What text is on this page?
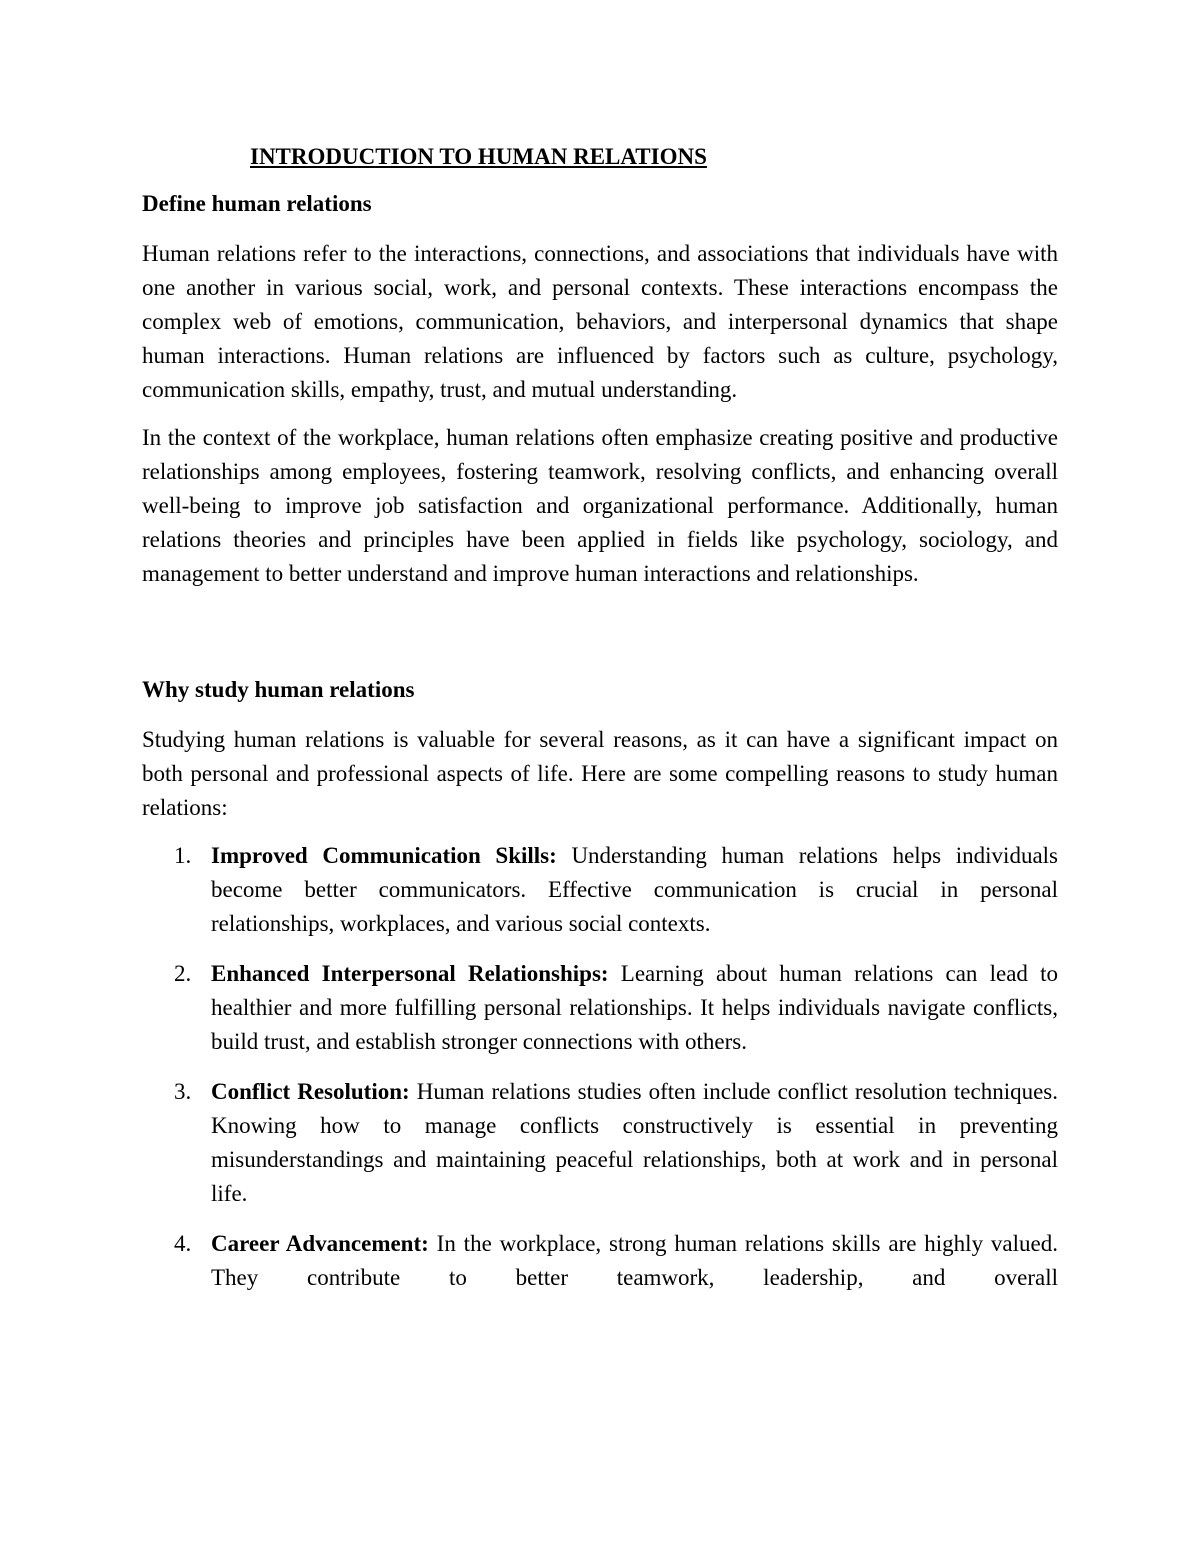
INTRODUCTION TO HUMAN RELATIONS
Define human relations

Human relations refer to the interactions, connections, and associations that individuals have with one another in various social, work, and personal contexts. These interactions encompass the complex web of emotions, communication, behaviors, and interpersonal dynamics that shape human interactions. Human relations are influenced by factors such as culture, psychology, communication skills, empathy, trust, and mutual understanding.

In the context of the workplace, human relations often emphasize creating positive and productive relationships among employees, fostering teamwork, resolving conflicts, and enhancing overall well-being to improve job satisfaction and organizational performance. Additionally, human relations theories and principles have been applied in fields like psychology, sociology, and management to better understand and improve human interactions and relationships.

Why study human relations

Studying human relations is valuable for several reasons, as it can have a significant impact on both personal and professional aspects of life. Here are some compelling reasons to study human relations:

1. Improved Communication Skills: Understanding human relations helps individuals become better communicators. Effective communication is crucial in personal relationships, workplaces, and various social contexts.
2. Enhanced Interpersonal Relationships: Learning about human relations can lead to healthier and more fulfilling personal relationships. It helps individuals navigate conflicts, build trust, and establish stronger connections with others.
3. Conflict Resolution: Human relations studies often include conflict resolution techniques. Knowing how to manage conflicts constructively is essential in preventing misunderstandings and maintaining peaceful relationships, both at work and in personal life.
4. Career Advancement: In the workplace, strong human relations skills are highly valued. They contribute to better teamwork, leadership, and overall
